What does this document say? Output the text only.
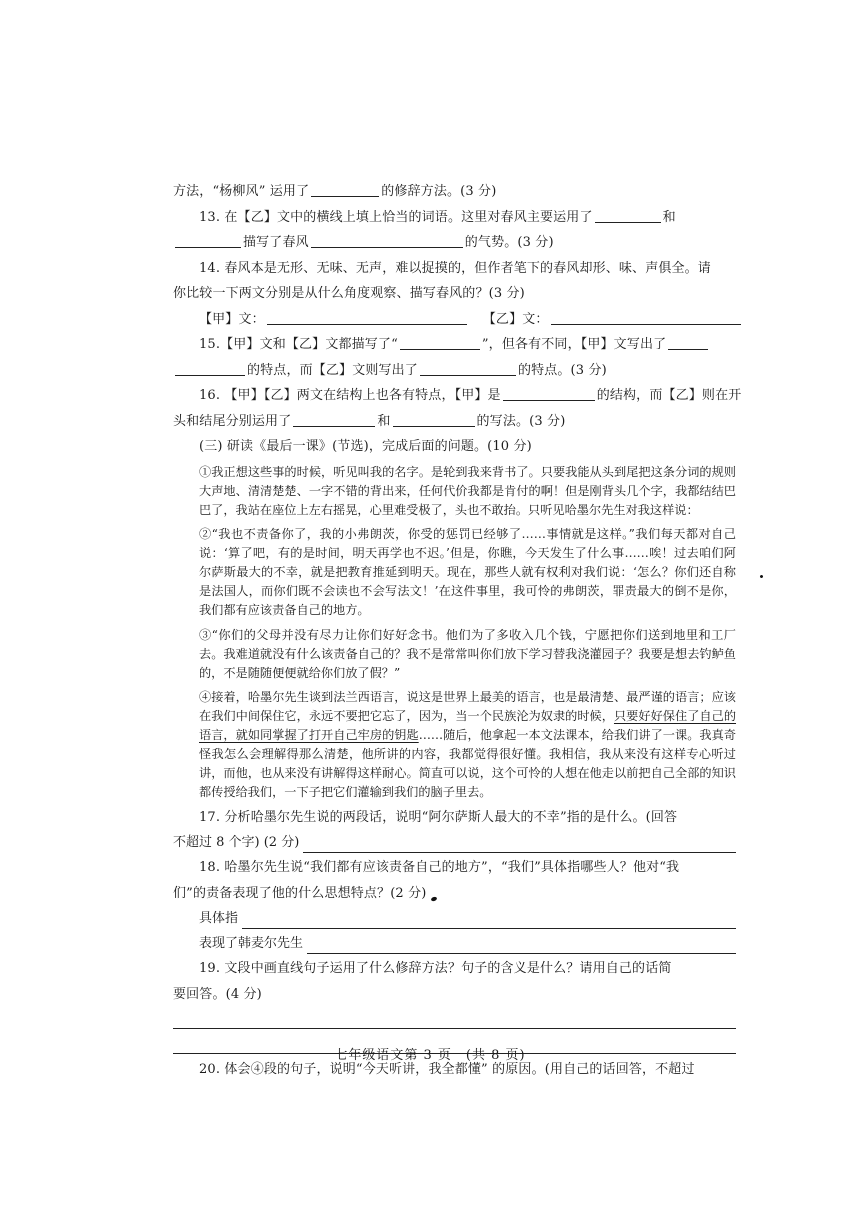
方法，“杨柳风” 运用了	的修辞方法。(3 分)
13. 在【乙】文中的横线上填上恰当的词语。这里对春风主要运用了	和
描写了春风	的气势。(3 分)
14. 春风本是无形、无味、无声，难以捉摸的，但作者笔下的春风却形、味、声俱全。请
你比较一下两文分别是从什么角度观察、描写春风的？(3 分)
【甲】文：	【乙】文：
15.【甲】文和【乙】文都描写了“	”，但各有不同，【甲】文写出了
的特点，而【乙】文则写出了	的特点。(3 分)
16. 【甲】【乙】两文在结构上也各有特点，【甲】是	的结构，而【乙】则在开
头和结尾分别运用了	和	的写法。(3 分)
(三) 研读《最后一课》(节选)，完成后面的问题。(10 分)
①我正想这些事的时候，听见叫我的名字。是轮到我来背书了。只要我能从头到尾把这条分词的规则大声地、清清楚楚、一字不错的背出来，任何代价我都是肯付的啊！但是刚背头几个字，我都结结巴巴了，我站在座位上左右摇晃，心里难受极了，头也不敢抬。只听见哈墨尔先生对我这样说：
②“我也不责备你了，我的小弗朗茨，你受的惩罚已经够了……事情就是这样。”我们每天都对自己说：‘算了吧，有的是时间，明天再学也不迟。’但是，你瞧，今天发生了什么事……唉！过去咱们阿尔萨斯最大的不幸，就是把教育推延到明天。现在，那些人就有权利对我们说：‘怎么？你们还自称是法国人，而你们既不会读也不会写法文！’在这件事里，我可怜的弗朗茨，罪责最大的倒不是你，我们都有应该责备自己的地方。
③“你们的父母并没有尽力让你们好好念书。他们为了多收入几个钱，宁愿把你们送到地里和工厂去。我难道就没有什么该责备自己的？我不是常常叫你们放下学习替我浇灌园子？我要是想去钓鲈鱼的，不是随随便便就给你们放了假？”
④接着，哈墨尔先生谈到法兰西语言，说这是世界上最美的语言，也是最清楚、最严谨的语言；应该在我们中间保住它，永远不要把它忘了，因为，当一个民族沦为奴隶的时候，只要好好保住了自己的语言，就如同掌握了打开自己牢房的钥匙……随后，他拿起一本文法课本，给我们讲了一课。我真奇怪我怎么会理解得那么清楚，他所讲的内容，我都觉得很好懂。我相信，我从来没有这样专心听过讲，而他，也从来没有讲解得这样耐心。简直可以说，这个可怜的人想在他走以前把自己全部的知识都传授给我们，一下子把它们灌输到我们的脑子里去。
17. 分析哈墨尔先生说的两段话，说明“阿尔萨斯人最大的不幸”指的是什么。(回答
不超过 8 个字) (2 分)
18. 哈墨尔先生说“我们都有应该责备自己的地方”，“我们”具体指哪些人？他对“我
们”的责备表现了他的什么思想特点？(2 分)
具体指
表现了韩麦尔先生
19. 文段中画直线句子运用了什么修辞方法？句子的含义是什么？请用自己的话简
要回答。(4 分)
20. 体会④段的句子，说明“今天听讲，我全都懂” 的原因。(用自己的话回答，不超过
七年级语文第 3 页　(共 8 页)
